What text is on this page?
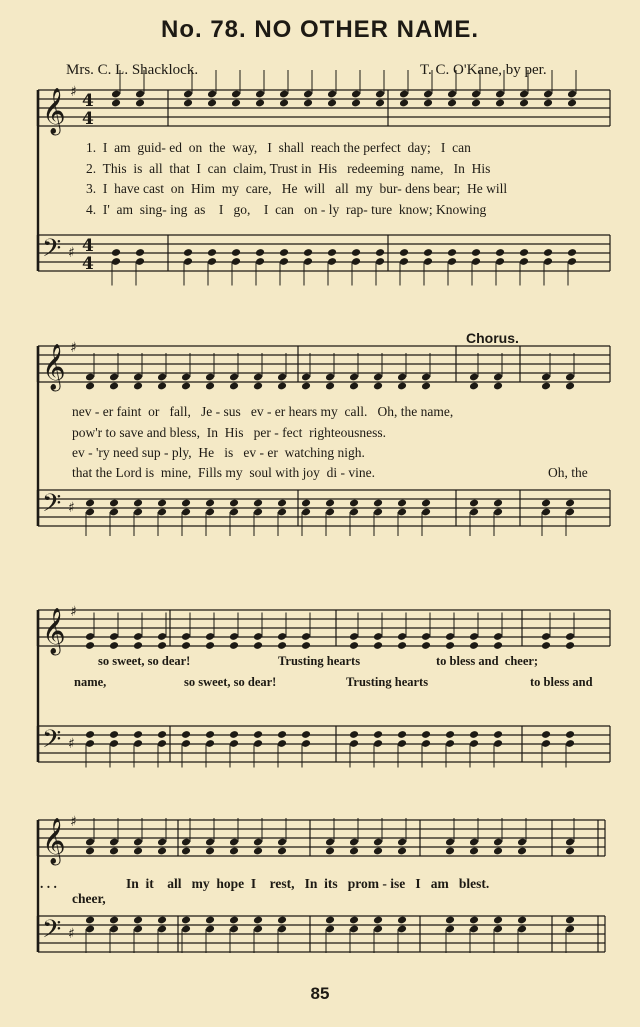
No. 78. NO OTHER NAME.
Mrs. C. L. Shacklock.	T. C. O'Kane, by per.
𝄞 ♯
𝄢 ♯
𝄞 ♯
𝄢 ♯
𝄞 ♯
𝄢 ♯
𝄞 ♯
𝄢 ♯
4
4
4
4
1.  I  am  guid- ed  on  the  way,   I  shall  reach the perfect  day;   I  can
2.  This  is  all  that  I  can  claim, Trust in  His   redeeming  name,   In  His
3.  I  have cast  on  Him  my  care,   He  will   all  my  bur- dens bear;  He will
4.  I'  am  sing- ing  as    I   go,    I  can   on - ly  rap- ture  know; Knowing
Chorus.
nev - er faint  or   fall,   Je - sus   ev - er hears my  call.   Oh, the name,
pow'r to save and bless,  In  His   per - fect  righteousness.
ev - 'ry need sup - ply,  He   is   ev - er  watching nigh.
that the Lord is  mine,  Fills my  soul with joy  di - vine.	Oh, the
so sweet, so dear!	Trusting hearts	to bless and  cheer;
name,	so sweet, so dear!	Trusting hearts	to bless and
. . .	In  it    all   my  hope  I    rest,   In  its   prom - ise   I   am   blest.
cheer,
85
